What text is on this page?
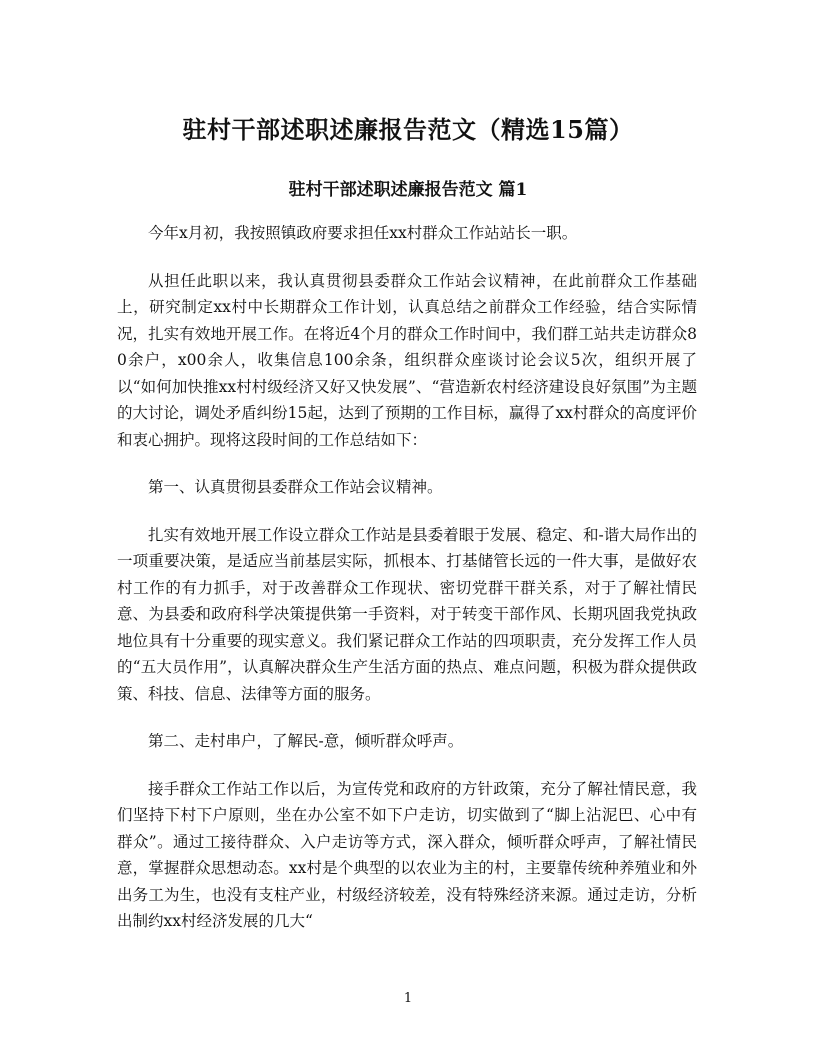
驻村干部述职述廉报告范文（精选15篇）
驻村干部述职述廉报告范文 篇1

今年x月初，我按照镇政府要求担任xx村群众工作站站长一职。

从担任此职以来，我认真贯彻县委群众工作站会议精神，在此前群众工作基础上，研究制定xx村中长期群众工作计划，认真总结之前群众工作经验，结合实际情况，扎实有效地开展工作。在将近4个月的群众工作时间中，我们群工站共走访群众80余户，x00余人，收集信息100余条，组织群众座谈讨论会议5次，组织开展了以“如何加快推xx村村级经济又好又快发展”、“营造新农村经济建设良好氛围”为主题的大讨论，调处矛盾纠纷15起，达到了预期的工作目标，赢得了xx村群众的高度评价和衷心拥护。现将这段时间的工作总结如下：

第一、认真贯彻县委群众工作站会议精神。

扎实有效地开展工作设立群众工作站是县委着眼于发展、稳定、和-谐大局作出的一项重要决策，是适应当前基层实际，抓根本、打基储管长远的一件大事，是做好农村工作的有力抓手，对于改善群众工作现状、密切党群干群关系，对于了解社情民意、为县委和政府科学决策提供第一手资料，对于转变干部作风、长期巩固我党执政地位具有十分重要的现实意义。我们紧记群众工作站的四项职责，充分发挥工作人员的“五大员作用”，认真解决群众生产生活方面的热点、难点问题，积极为群众提供政策、科技、信息、法律等方面的服务。

第二、走村串户，了解民-意，倾听群众呼声。

接手群众工作站工作以后，为宣传党和政府的方针政策，充分了解社情民意，我们坚持下村下户原则，坐在办公室不如下户走访，切实做到了“脚上沾泥巴、心中有群众”。通过工接待群众、入户走访等方式，深入群众，倾听群众呼声，了解社情民意，掌握群众思想动态。xx村是个典型的以农业为主的村，主要靠传统种养殖业和外出务工为生，也没有支柱产业，村级经济较差，没有特殊经济来源。通过走访，分析出制约xx村经济发展的几大“

1
